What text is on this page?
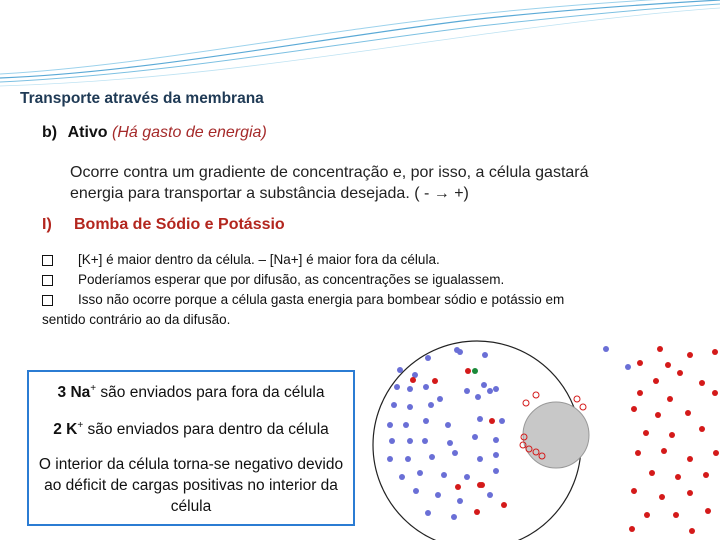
Transporte através da membrana
b) Ativo (Há gasto de energia)
Ocorre contra um gradiente de concentração e, por isso, a célula gastará
energia para transportar a substância desejada. ( - → +)
I) Bomba de Sódio e Potássio
[K+] é maior dentro da célula. – [Na+] é maior fora da célula.
Poderíamos esperar que por difusão, as concentrações se igualassem.
Isso não ocorre porque a célula gasta energia para bombear sódio e potássio em
sentido contrário ao da difusão.

3 Na+ são enviados para fora da célula

2 K+ são enviados para dentro da célula

O interior da célula torna-se negativo devido ao déficit de cargas positivas no interior da célula
